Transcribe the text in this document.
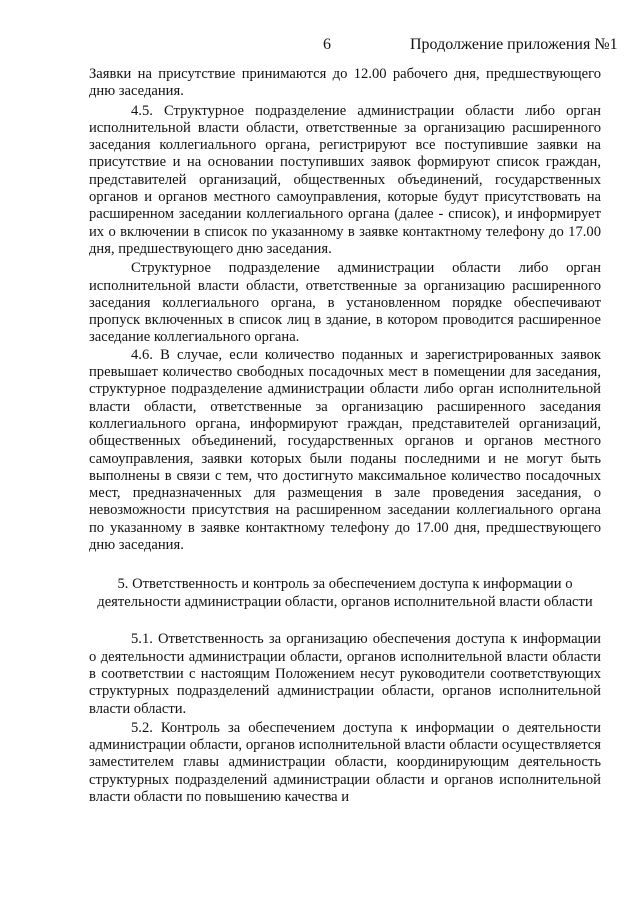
6	Продолжение приложения №1

Заявки на присутствие принимаются до 12.00 рабочего дня, предшествующего дню заседания.

4.5. Структурное подразделение администрации области либо орган исполнительной власти области, ответственные за организацию расширенного заседания коллегиального органа, регистрируют все поступившие заявки на присутствие и на основании поступивших заявок формируют список граждан, представителей организаций, общественных объединений, государственных органов и органов местного самоуправления, которые будут присутствовать на расширенном заседании коллегиального органа (далее - список), и информирует их о включении в список по указанному в заявке контактному телефону до 17.00 дня, предшествующего дню заседания.

Структурное подразделение администрации области либо орган исполнительной власти области, ответственные за организацию расширенного заседания коллегиального органа, в установленном порядке обеспечивают пропуск включенных в список лиц в здание, в котором проводится расширенное заседание коллегиального органа.

4.6. В случае, если количество поданных и зарегистрированных заявок превышает количество свободных посадочных мест в помещении для заседания, структурное подразделение администрации области либо орган исполнительной власти области, ответственные за организацию расширенного заседания коллегиального органа, информируют граждан, представителей организаций, общественных объединений, государственных органов и органов местного самоуправления, заявки которых были поданы последними и не могут быть выполнены в связи с тем, что достигнуто максимальное количество посадочных мест, предназначенных для размещения в зале проведения заседания, о невозможности присутствия на расширенном заседании коллегиального органа по указанному в заявке контактному телефону до 17.00 дня, предшествующего дню заседания.

5. Ответственность и контроль за обеспечением доступа к информации о деятельности администрации области, органов исполнительной власти области

5.1. Ответственность за организацию обеспечения доступа к информации о деятельности администрации области, органов исполнительной власти области в соответствии с настоящим Положением несут руководители соответствующих структурных подразделений администрации области, органов исполнительной власти области.

5.2. Контроль за обеспечением доступа к информации о деятельности администрации области, органов исполнительной власти области осуществляется заместителем главы администрации области, координирующим деятельность структурных подразделений администрации области и органов исполнительной власти области по повышению качества и
